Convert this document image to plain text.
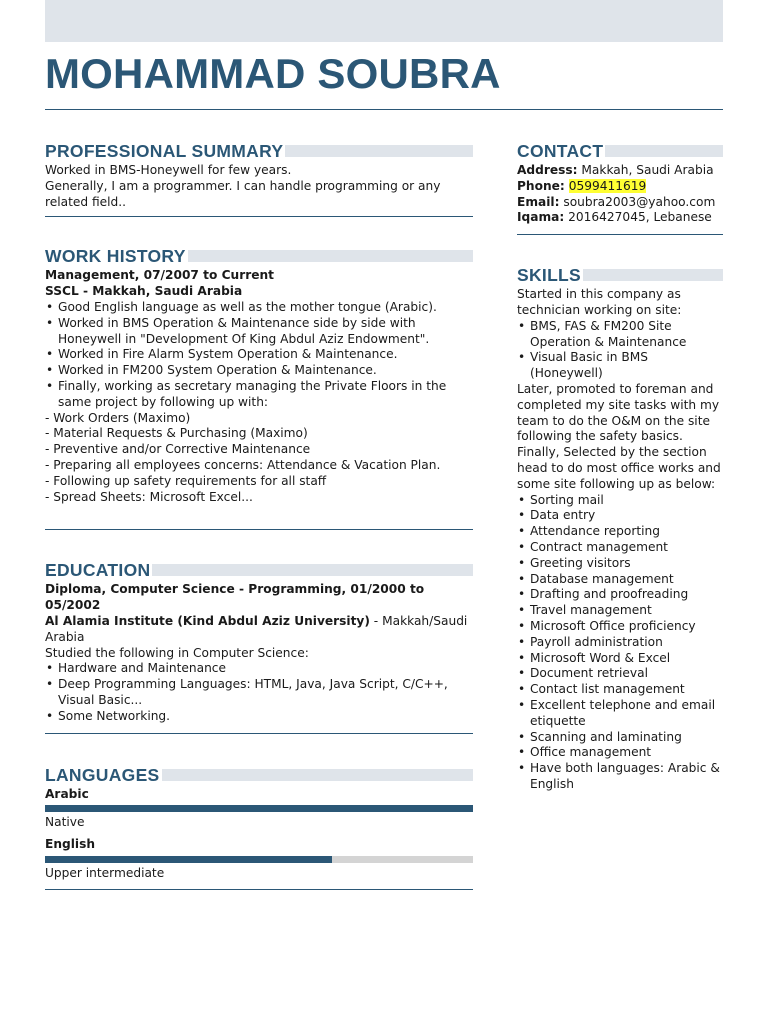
MOHAMMAD SOUBRA
PROFESSIONAL SUMMARY
Worked in BMS-Honeywell for few years.
Generally, I am a programmer. I can handle programming or any related field..
WORK HISTORY
Management, 07/2007 to Current
SSCL - Makkah, Saudi Arabia
• Good English language as well as the mother tongue (Arabic).
• Worked in BMS Operation & Maintenance side by side with Honeywell in "Development Of King Abdul Aziz Endowment".
• Worked in Fire Alarm System Operation & Maintenance.
• Worked in FM200 System Operation & Maintenance.
• Finally, working as secretary managing the Private Floors in the same project by following up with:
- Work Orders (Maximo)
- Material Requests & Purchasing (Maximo)
- Preventive and/or Corrective Maintenance
- Preparing all employees concerns: Attendance & Vacation Plan.
- Following up safety requirements for all staff
- Spread Sheets: Microsoft Excel...
EDUCATION
Diploma, Computer Science - Programming, 01/2000 to 05/2002
Al Alamia Institute (Kind Abdul Aziz University) - Makkah/Saudi Arabia
Studied the following in Computer Science:
• Hardware and Maintenance
• Deep Programming Languages: HTML, Java, Java Script, C/C++, Visual Basic...
• Some Networking.
LANGUAGES
Arabic
Native
English
Upper intermediate
CONTACT
Address: Makkah, Saudi Arabia
Phone: 0599411619
Email: soubra2003@yahoo.com
Iqama: 2016427045, Lebanese
SKILLS
Started in this company as technician working on site:
• BMS, FAS & FM200 Site Operation & Maintenance
• Visual Basic in BMS (Honeywell)
Later, promoted to foreman and completed my site tasks with my team to do the O&M on the site following the safety basics.
Finally, Selected by the section head to do most office works and some site following up as below:
• Sorting mail
• Data entry
• Attendance reporting
• Contract management
• Greeting visitors
• Database management
• Drafting and proofreading
• Travel management
• Microsoft Office proficiency
• Payroll administration
• Microsoft Word & Excel
• Document retrieval
• Contact list management
• Excellent telephone and email etiquette
• Scanning and laminating
• Office management
• Have both languages: Arabic & English
